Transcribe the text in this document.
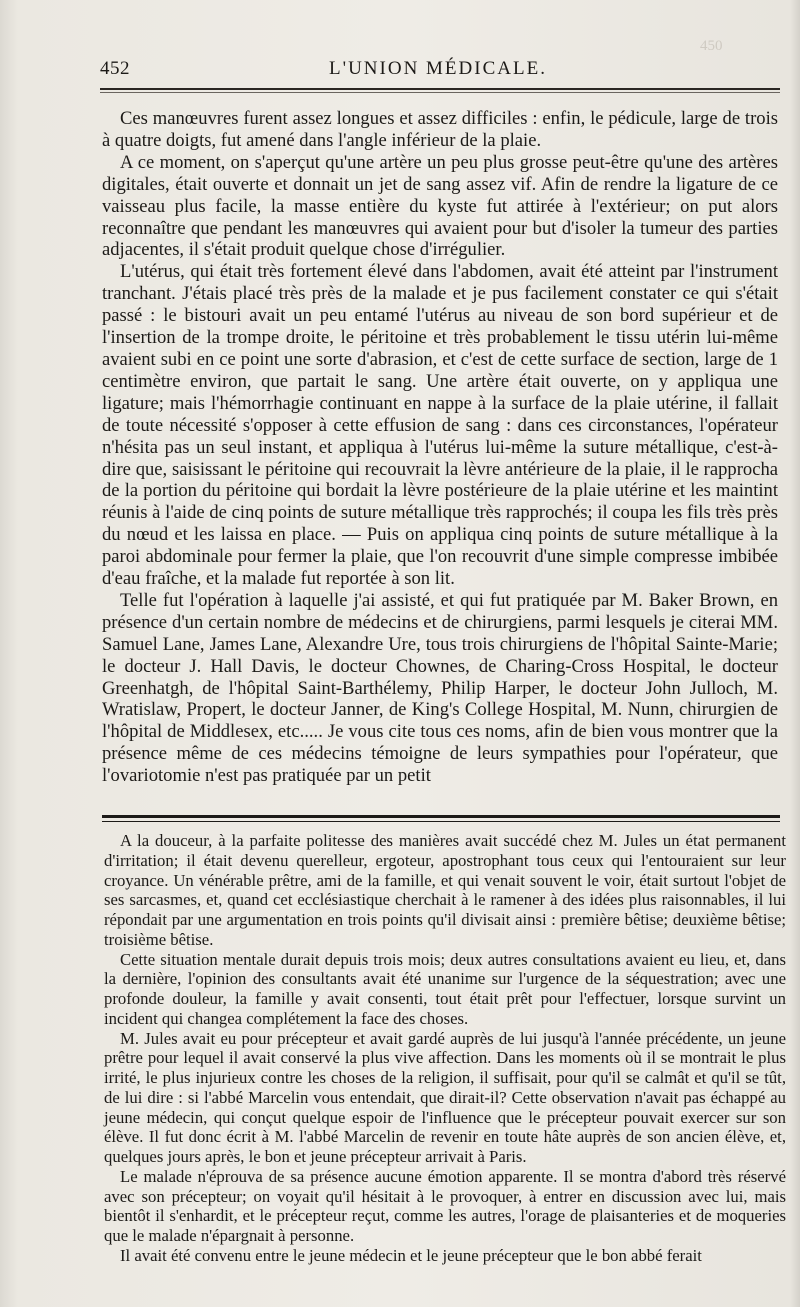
450
452	L'UNION MÉDICALE.

Ces manœuvres furent assez longues et assez difficiles : enfin, le pédicule, large de trois à quatre doigts, fut amené dans l'angle inférieur de la plaie.

A ce moment, on s'aperçut qu'une artère un peu plus grosse peut-être qu'une des artères digitales, était ouverte et donnait un jet de sang assez vif. Afin de rendre la ligature de ce vaisseau plus facile, la masse entière du kyste fut attirée à l'extérieur; on put alors reconnaître que pendant les manœuvres qui avaient pour but d'isoler la tumeur des parties adjacentes, il s'était produit quelque chose d'irrégulier.

L'utérus, qui était très fortement élevé dans l'abdomen, avait été atteint par l'instrument tranchant. J'étais placé très près de la malade et je pus facilement constater ce qui s'était passé : le bistouri avait un peu entamé l'utérus au niveau de son bord supérieur et de l'insertion de la trompe droite, le péritoine et très probablement le tissu utérin lui-même avaient subi en ce point une sorte d'abrasion, et c'est de cette surface de section, large de 1 centimètre environ, que partait le sang. Une artère était ouverte, on y appliqua une ligature; mais l'hémorrhagie continuant en nappe à la surface de la plaie utérine, il fallait de toute nécessité s'opposer à cette effusion de sang : dans ces circonstances, l'opérateur n'hésita pas un seul instant, et appliqua à l'utérus lui-même la suture métallique, c'est-à-dire que, saisissant le péritoine qui recouvrait la lèvre antérieure de la plaie, il le rapprocha de la portion du péritoine qui bordait la lèvre postérieure de la plaie utérine et les maintint réunis à l'aide de cinq points de suture métallique très rapprochés; il coupa les fils très près du nœud et les laissa en place. — Puis on appliqua cinq points de suture métallique à la paroi abdominale pour fermer la plaie, que l'on recouvrit d'une simple compresse imbibée d'eau fraîche, et la malade fut reportée à son lit.

Telle fut l'opération à laquelle j'ai assisté, et qui fut pratiquée par M. Baker Brown, en présence d'un certain nombre de médecins et de chirurgiens, parmi lesquels je citerai MM. Samuel Lane, James Lane, Alexandre Ure, tous trois chirurgiens de l'hôpital Sainte-Marie; le docteur J. Hall Davis, le docteur Chownes, de Charing-Cross Hospital, le docteur Greenhatgh, de l'hôpital Saint-Barthélemy, Philip Harper, le docteur John Julloch, M. Wratislaw, Propert, le docteur Janner, de King's College Hospital, M. Nunn, chirurgien de l'hôpital de Middlesex, etc..... Je vous cite tous ces noms, afin de bien vous montrer que la présence même de ces médecins témoigne de leurs sympathies pour l'opérateur, que l'ovariotomie n'est pas pratiquée par un petit

A la douceur, à la parfaite politesse des manières avait succédé chez M. Jules un état permanent d'irritation; il était devenu querelleur, ergoteur, apostrophant tous ceux qui l'entouraient sur leur croyance. Un vénérable prêtre, ami de la famille, et qui venait souvent le voir, était surtout l'objet de ses sarcasmes, et, quand cet ecclésiastique cherchait à le ramener à des idées plus raisonnables, il lui répondait par une argumentation en trois points qu'il divisait ainsi : première bêtise; deuxième bêtise; troisième bêtise.

Cette situation mentale durait depuis trois mois; deux autres consultations avaient eu lieu, et, dans la dernière, l'opinion des consultants avait été unanime sur l'urgence de la séquestration; avec une profonde douleur, la famille y avait consenti, tout était prêt pour l'effectuer, lorsque survint un incident qui changea complétement la face des choses.

M. Jules avait eu pour précepteur et avait gardé auprès de lui jusqu'à l'année précédente, un jeune prêtre pour lequel il avait conservé la plus vive affection. Dans les moments où il se montrait le plus irrité, le plus injurieux contre les choses de la religion, il suffisait, pour qu'il se calmât et qu'il se tût, de lui dire : si l'abbé Marcelin vous entendait, que dirait-il? Cette observation n'avait pas échappé au jeune médecin, qui conçut quelque espoir de l'influence que le précepteur pouvait exercer sur son élève. Il fut donc écrit à M. l'abbé Marcelin de revenir en toute hâte auprès de son ancien élève, et, quelques jours après, le bon et jeune précepteur arrivait à Paris.

Le malade n'éprouva de sa présence aucune émotion apparente. Il se montra d'abord très réservé avec son précepteur; on voyait qu'il hésitait à le provoquer, à entrer en discussion avec lui, mais bientôt il s'enhardit, et le précepteur reçut, comme les autres, l'orage de plaisanteries et de moqueries que le malade n'épargnait à personne.

Il avait été convenu entre le jeune médecin et le jeune précepteur que le bon abbé ferait
